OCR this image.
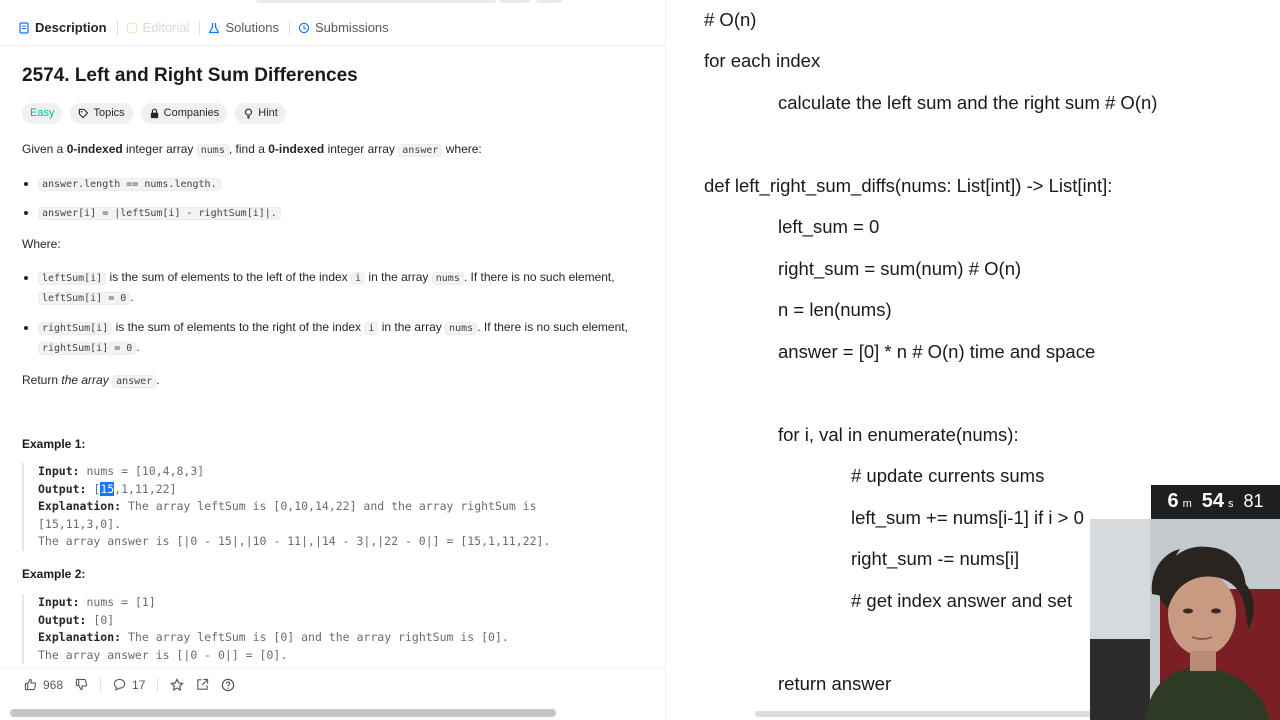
Description	Editorial	Solutions	Submissions
2574. Left and Right Sum Differences
Easy	Topics	Companies	Hint
Given a 0-indexed integer array nums , find a 0-indexed integer array answer where:
answer.length == nums.length.
answer[i] = |leftSum[i] - rightSum[i]|.
Where:
leftSum[i] is the sum of elements to the left of the index i in the array nums . If there is no such element,
leftSum[i] = 0 .
rightSum[i] is the sum of elements to the right of the index i in the array nums . If there is no such element,
rightSum[i] = 0 .
Return the array answer .
Example 1:
Input: nums = [10,4,8,3]
Output: [15,1,11,22]
Explanation: The array leftSum is [0,10,14,22] and the array rightSum is
[15,11,3,0].
The array answer is [|0 - 15|,|10 - 11|,|14 - 3|,|22 - 0|] = [15,1,11,22].
Example 2:
Input: nums = [1]
Output: [0]
Explanation: The array leftSum is [0] and the array rightSum is [0].
The array answer is [|0 - 0|] = [0].
968	17
# O(n)
for each index
calculate the left sum and the right sum # O(n)
def left_right_sum_diffs(nums: List[int]) -> List[int]:
left_sum = 0
right_sum = sum(num) # O(n)
n = len(nums)
answer = [0] * n # O(n) time and space
for i, val in enumerate(nums):
# update currents sums
left_sum += nums[i-1] if i > 0
right_sum -= nums[i]
# get index answer and set
return answer
6 m 54 s 81
